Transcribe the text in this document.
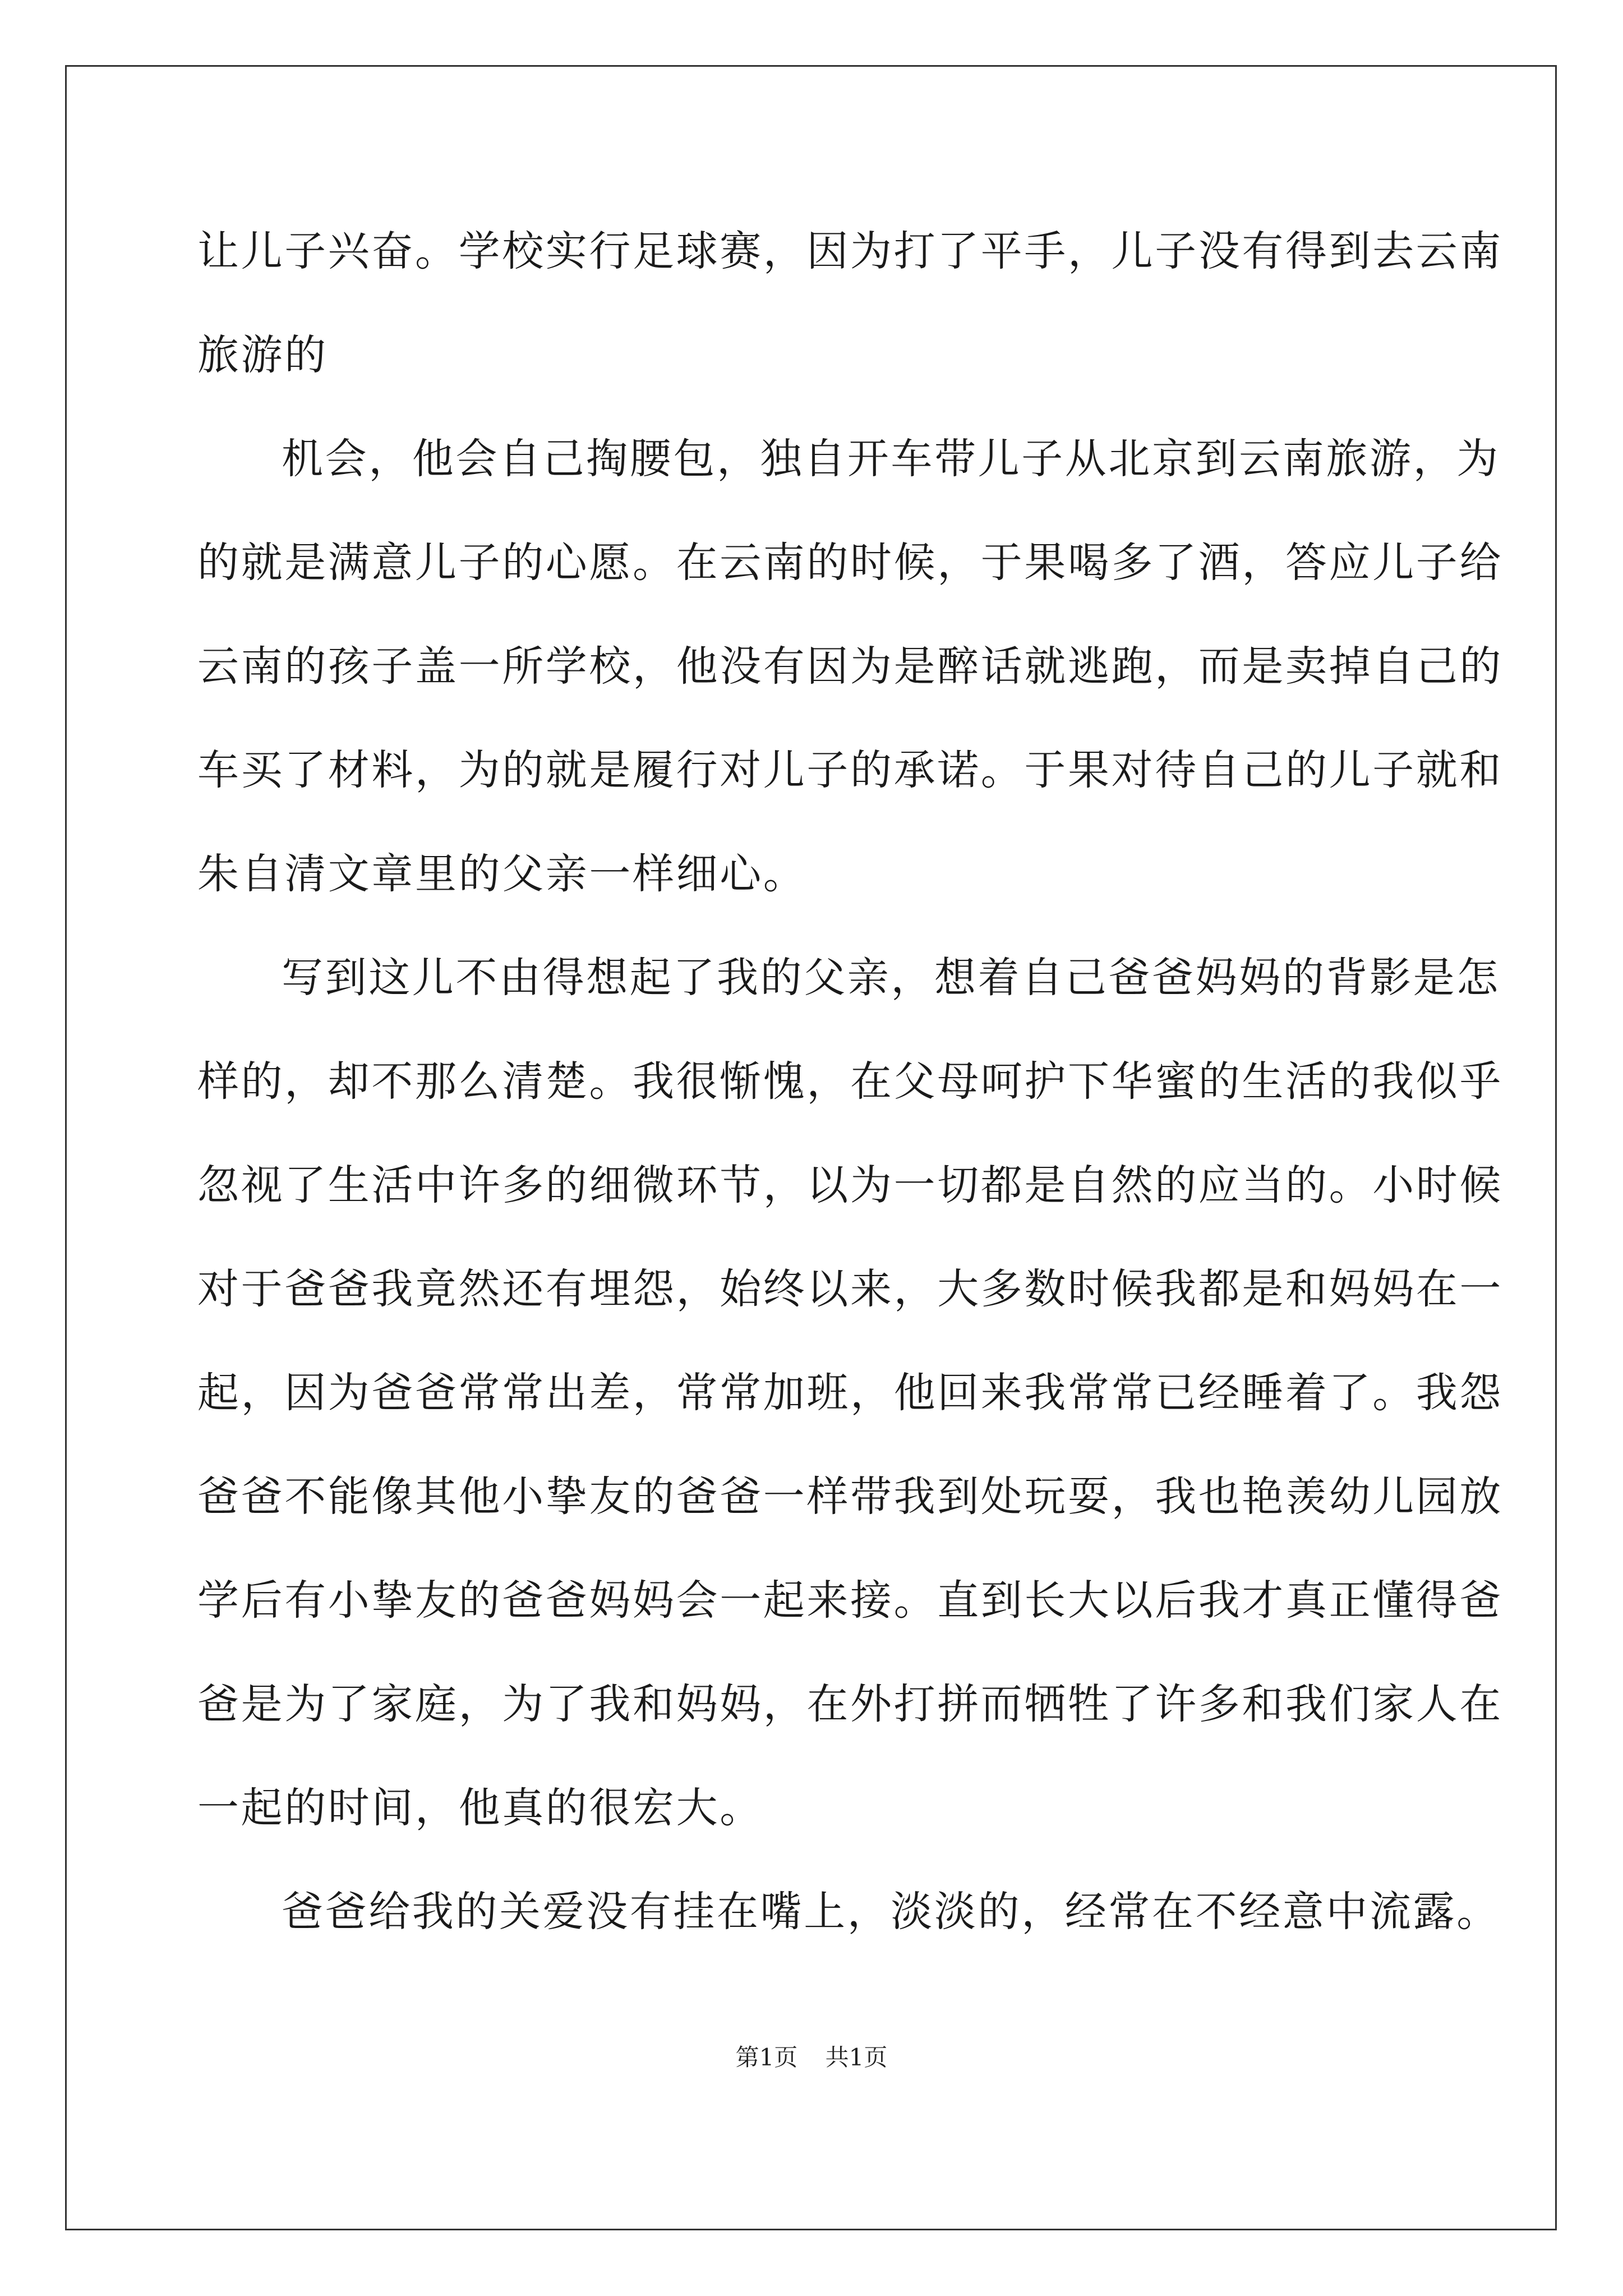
让儿子兴奋。学校实行足球赛，因为打了平手，儿子没有得到去云南
旅游的
机会，他会自己掏腰包，独自开车带儿子从北京到云南旅游，为
的就是满意儿子的心愿。在云南的时候，于果喝多了酒，答应儿子给
云南的孩子盖一所学校，他没有因为是醉话就逃跑，而是卖掉自己的
车买了材料，为的就是履行对儿子的承诺。于果对待自己的儿子就和
朱自清文章里的父亲一样细心。
写到这儿不由得想起了我的父亲，想着自己爸爸妈妈的背影是怎
样的，却不那么清楚。我很惭愧，在父母呵护下华蜜的生活的我似乎
忽视了生活中许多的细微环节，以为一切都是自然的应当的。小时候
对于爸爸我竟然还有埋怨，始终以来，大多数时候我都是和妈妈在一
起，因为爸爸常常出差，常常加班，他回来我常常已经睡着了。我怨
爸爸不能像其他小挚友的爸爸一样带我到处玩耍，我也艳羡幼儿园放
学后有小挚友的爸爸妈妈会一起来接。直到长大以后我才真正懂得爸
爸是为了家庭，为了我和妈妈，在外打拼而牺牲了许多和我们家人在
一起的时间，他真的很宏大。
爸爸给我的关爱没有挂在嘴上，淡淡的，经常在不经意中流露。
第1页 共1页
